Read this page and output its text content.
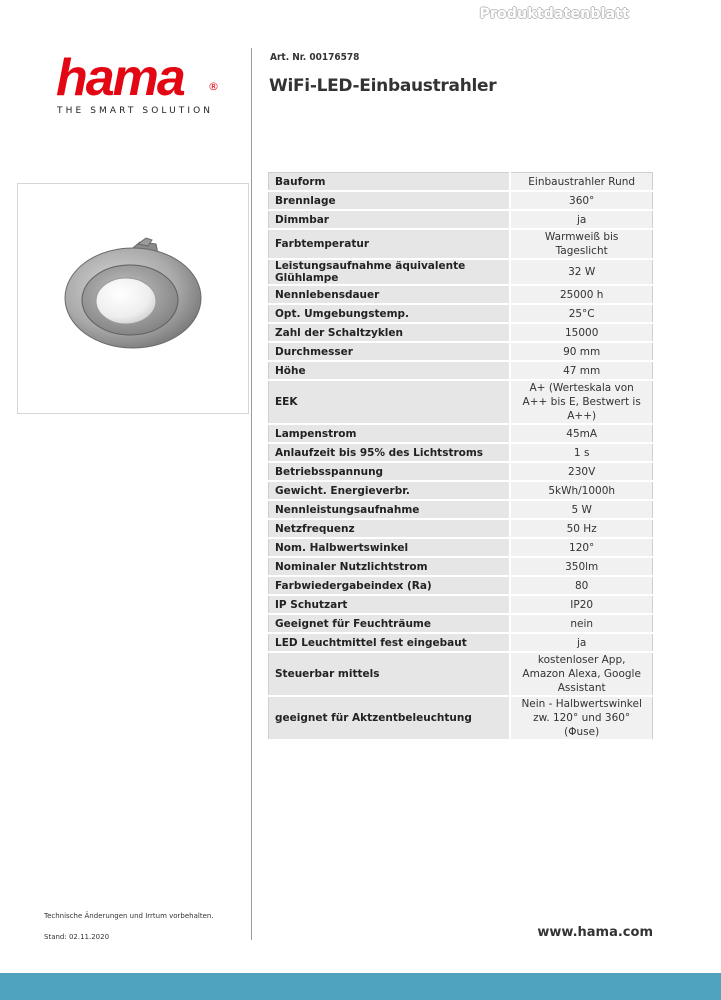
Produktdatenblatt
hama ®
THE SMART SOLUTION
Art. Nr. 00176578
WiFi-LED-Einbaustrahler
Bauform	Einbaustrahler Rund
Brennlage	360°
Dimmbar	ja
Farbtemperatur	Warmweiß bis Tageslicht
Leistungsaufnahme äquivalente Glühlampe	32 W
Nennlebensdauer	25000 h
Opt. Umgebungstemp.	25°C
Zahl der Schaltzyklen	15000
Durchmesser	90 mm
Höhe	47 mm
EEK	A+ (Werteskala von A++ bis E, Bestwert is A++)
Lampenstrom	45mA
Anlaufzeit bis 95% des Lichtstroms	1 s
Betriebsspannung	230V
Gewicht. Energieverbr.	5kWh/1000h
Nennleistungsaufnahme	5 W
Netzfrequenz	50 Hz
Nom. Halbwertswinkel	120°
Nominaler Nutzlichtstrom	350lm
Farbwiedergabeindex (Ra)	80
IP Schutzart	IP20
Geeignet für Feuchträume	nein
LED Leuchtmittel fest eingebaut	ja
Steuerbar mittels	kostenloser App, Amazon Alexa, Google Assistant
geeignet für Aktzentbeleuchtung	Nein - Halbwertswinkel zw. 120° und 360° (Φuse)
Technische Änderungen und Irrtum vorbehalten.
Stand: 02.11.2020	www.hama.com
